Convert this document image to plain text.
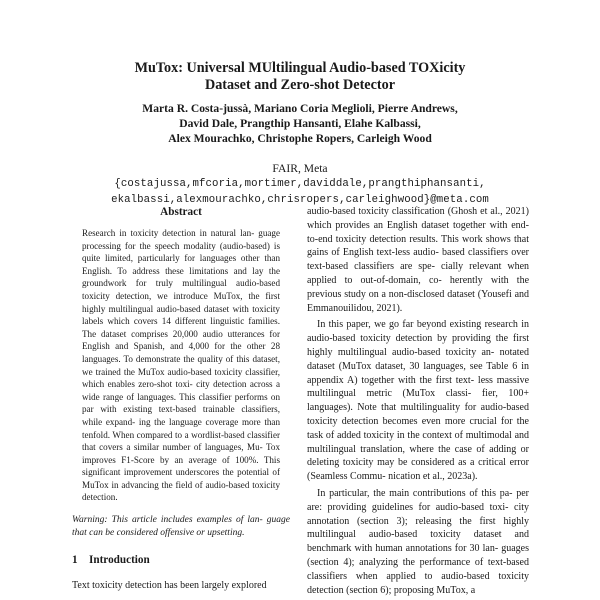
MuTox: Universal MUltilingual Audio-based TOXicity
Dataset and Zero-shot Detector
Marta R. Costa-jussà, Mariano Coria Meglioli, Pierre Andrews,
David Dale, Prangthip Hansanti, Elahe Kalbassi,
Alex Mourachko, Christophe Ropers, Carleigh Wood
FAIR, Meta
{costajussa,mfcoria,mortimer,daviddale,prangthiphansanti,
ekalbassi,alexmourachko,chrisropers,carleighwood}@meta.com
Abstract
Research in toxicity detection in natural lan- guage processing for the speech modality (audio-based) is quite limited, particularly for languages other than English. To address these limitations and lay the groundwork for truly multilingual audio-based toxicity detection, we introduce MuTox, the first highly multilingual audio-based dataset with toxicity labels which covers 14 different linguistic families. The dataset comprises 20,000 audio utterances for English and Spanish, and 4,000 for the other 28 languages. To demonstrate the quality of this dataset, we trained the MuTox audio-based toxicity classifier, which enables zero-shot toxi- city detection across a wide range of languages. This classifier performs on par with existing text-based trainable classifiers, while expand- ing the language coverage more than tenfold. When compared to a wordlist-based classifier that covers a similar number of languages, Mu- Tox improves F1-Score by an average of 100%. This significant improvement underscores the potential of MuTox in advancing the field of audio-based toxicity detection.
Warning: This article includes examples of lan- guage that can be considered offensive or upsetting.
1 Introduction
Text toxicity detection has been largely explored
audio-based toxicity classification (Ghosh et al., 2021) which provides an English dataset together with end-to-end toxicity detection results. This work shows that gains of English text-less audio- based classifiers over text-based classifiers are spe- cially relevant when applied to out-of-domain, co- herently with the previous study on a non-disclosed dataset (Yousefi and Emmanouilidou, 2021).
In this paper, we go far beyond existing research in audio-based toxicity detection by providing the first highly multilingual audio-based toxicity an- notated dataset (MuTox dataset, 30 languages, see Table 6 in appendix A) together with the first text- less massive multilingual metric (MuTox classi- fier, 100+ languages). Note that multilinguality for audio-based toxicity detection becomes even more crucial for the task of added toxicity in the context of multimodal and multilingual translation, where the case of adding or deleting toxicity may be considered as a critical error (Seamless Commu- nication et al., 2023a).
In particular, the main contributions of this pa- per are: providing guidelines for audio-based toxi- city annotation (section 3); releasing the first highly multilingual audio-based toxicity dataset and benchmark with human annotations for 30 lan- guages (section 4); analyzing the performance of text-based classifiers when applied to audio-based toxicity detection (section 6); proposing MuTox, a
